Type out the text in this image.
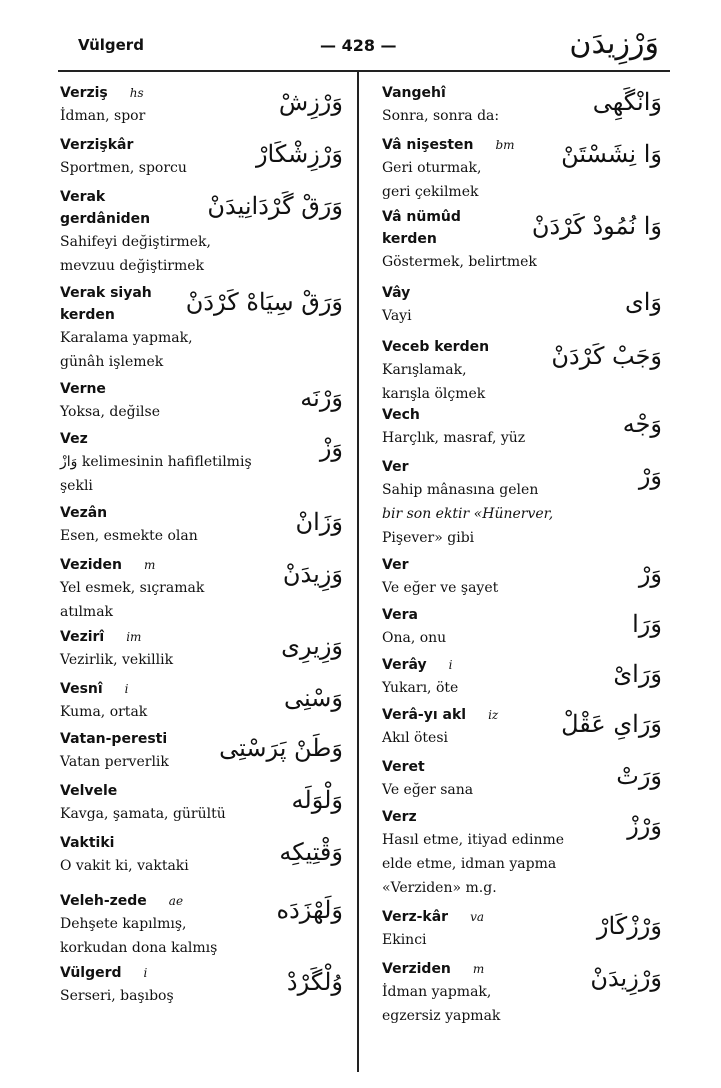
Vülgerd	— 428 —	وَرْزِيدَن
Verziş hs
İdman, spor	وَرْزِشْ
Verzişkâr
Sportmen, sporcu	وَرْزِشْكَارْ
Verak
gerdâniden
Sahifeyi değiştirmek,
mevzuu değiştirmek
وَرَقْ گَرْدَانِيدَنْ
Verak siyah
kerden
Karalama yapmak,
günâh işlemek
وَرَقْ سِيَاهْ كَرْدَنْ
Verne
Yoksa, değilse	وَرْنَه
Vez
وَازْ kelimesinin hafifletilmiş
şekli
وَزْ
Vezân
Esen, esmekte olan	وَزَانْ
Veziden m
Yel esmek, sıçramak
atılmak
وَزِيدَنْ
Vezirî im
Vezirlik, vekillik	وَزِيرِى
Vesnî i
Kuma, ortak	وَسْنِى
Vatan-peresti
Vatan perverlik	وَطَنْ پَرَسْتِى
Velvele
Kavga, şamata, gürültü	وَلْوَلَه
Vaktiki
O vakit ki, vaktaki	وَقْتِيكِه
Veleh-zede ae
Dehşete kapılmış,
korkudan dona kalmış
وَلَهْزَدَه
Vülgerd i
Serseri, başıboş	وُلْگَرْدْ
Vangehî
Sonra, sonra da:	وَانْگَهِى
Vâ nişesten bm
Geri oturmak,
geri çekilmek
وَا نِشَسْتَنْ
Vâ nümûd
kerden
Göstermek, belirtmek
وَا نُمُودْ كَرْدَنْ
Vây
Vayi	وَاى
Veceb kerden
Karışlamak,
karışla ölçmek
وَجَبْ كَرْدَنْ
Vech
Harçlık, masraf, yüz	وَجْه
Ver
Sahip mânasına gelen
bir son ektir «Hünerver,
Pişever» gibi
وَرْ
Ver
Ve eğer ve şayet	وَرْ
Vera
Ona, onu	وَرَا
Verây i
Yukarı, öte	وَرَاىْ
Verâ-yı akl iz
Akıl ötesi	وَرَاىِ عَقْلْ
Veret
Ve eğer sana	وَرَتْ
Verz
Hasıl etme, itiyad edinme
elde etme, idman yapma
«Verziden» m.g.
وَرْزْ
Verz-kâr va
Ekinci	وَرْزْكَارْ
Verziden m
İdman yapmak,
egzersiz yapmak
وَرْزِيدَنْ
